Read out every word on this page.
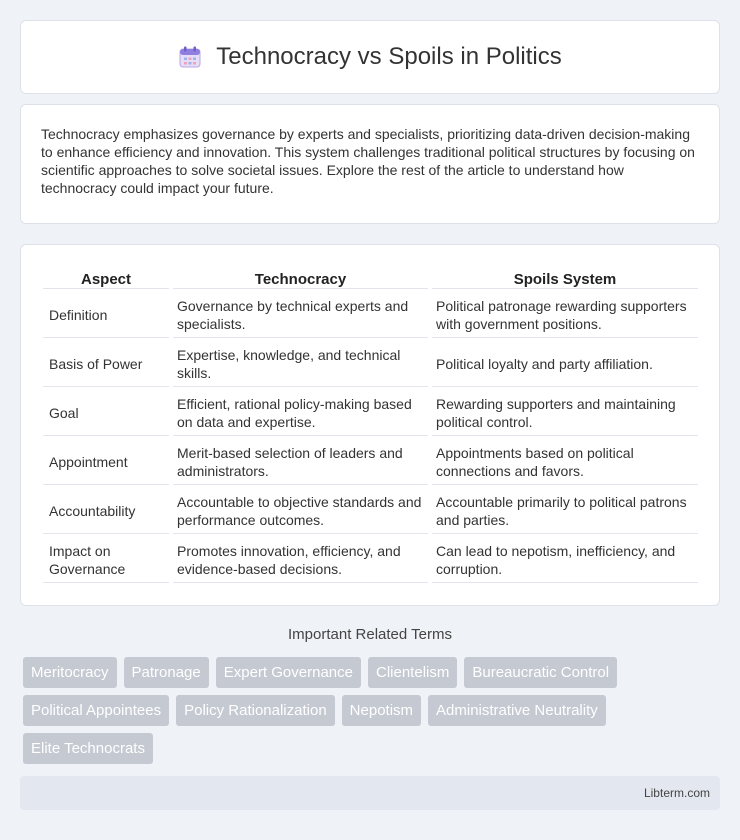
Technocracy vs Spoils in Politics

Technocracy emphasizes governance by experts and specialists, prioritizing data-driven decision-making to enhance efficiency and innovation. This system challenges traditional political structures by focusing on scientific approaches to solve societal issues. Explore the rest of the article to understand how technocracy could impact your future.

Aspect	Technocracy	Spoils System
Definition	Governance by technical experts and specialists.	Political patronage rewarding supporters with government positions.
Basis of Power	Expertise, knowledge, and technical skills.	Political loyalty and party affiliation.
Goal	Efficient, rational policy-making based on data and expertise.	Rewarding supporters and maintaining political control.
Appointment	Merit-based selection of leaders and administrators.	Appointments based on political connections and favors.
Accountability	Accountable to objective standards and performance outcomes.	Accountable primarily to political patrons and parties.
Impact on Governance	Promotes innovation, efficiency, and evidence-based decisions.	Can lead to nepotism, inefficiency, and corruption.
Important Related Terms
Meritocracy	Patronage	Expert Governance	Clientelism	Bureaucratic Control
Political Appointees	Policy Rationalization	Nepotism	Administrative Neutrality
Elite Technocrats
Libterm.com
